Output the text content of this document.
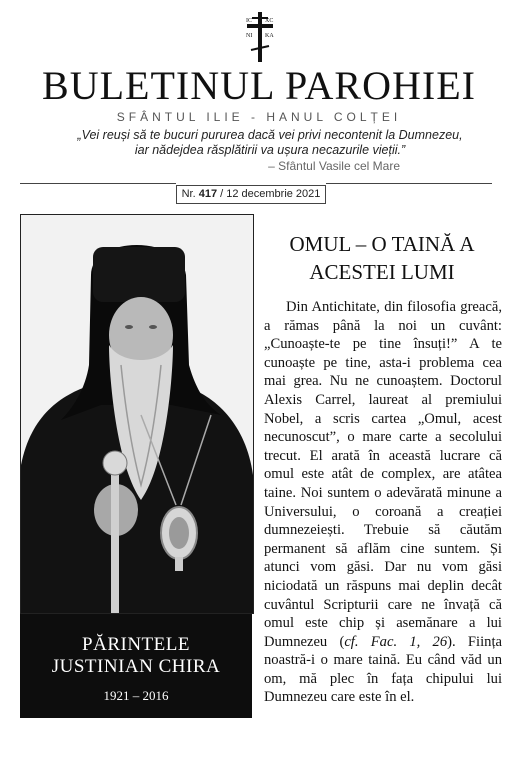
IC XC
NI KA
BULETINUL PAROHIEI
SFÂNTUL ILIE - HANUL COLȚEI
„Vei reuși să te bucuri pururea dacă vei privi necontenit la Dumnezeu,
iar nădejdea răsplătirii va ușura necazurile vieții.”
– Sfântul Vasile cel Mare
Nr. 417 / 12 decembrie 2021
PĂRINTELE
JUSTINIAN CHIRA
1921 – 2016
OMUL – O TAINĂ A
ACESTEI LUMI

Din Antichitate, din filosofia greacă, a rămas până la noi un cuvânt: „Cunoaște-te pe tine însuți!” A te cunoaște pe tine, asta-i problema cea mai grea. Nu ne cunoaștem. Doctorul Alexis Carrel, laureat al premiului Nobel, a scris cartea „Omul, acest necunoscut”, o mare carte a secolului trecut. El arată în această lucrare că omul este atât de complex, are atâtea taine. Noi suntem o adevărată minune a Universului, o coroană a creației dumnezeiești. Trebuie să căutăm permanent să aflăm cine suntem. Și atunci vom găsi. Dar nu vom găsi niciodată un răspuns mai deplin decât cuvântul Scripturii care ne învață că omul este chip și asemănare a lui Dumnezeu (cf. Fac. 1, 26). Ființa noastră-i o mare taină. Eu când văd un om, mă plec în fața chipului lui Dumnezeu care este în el.
